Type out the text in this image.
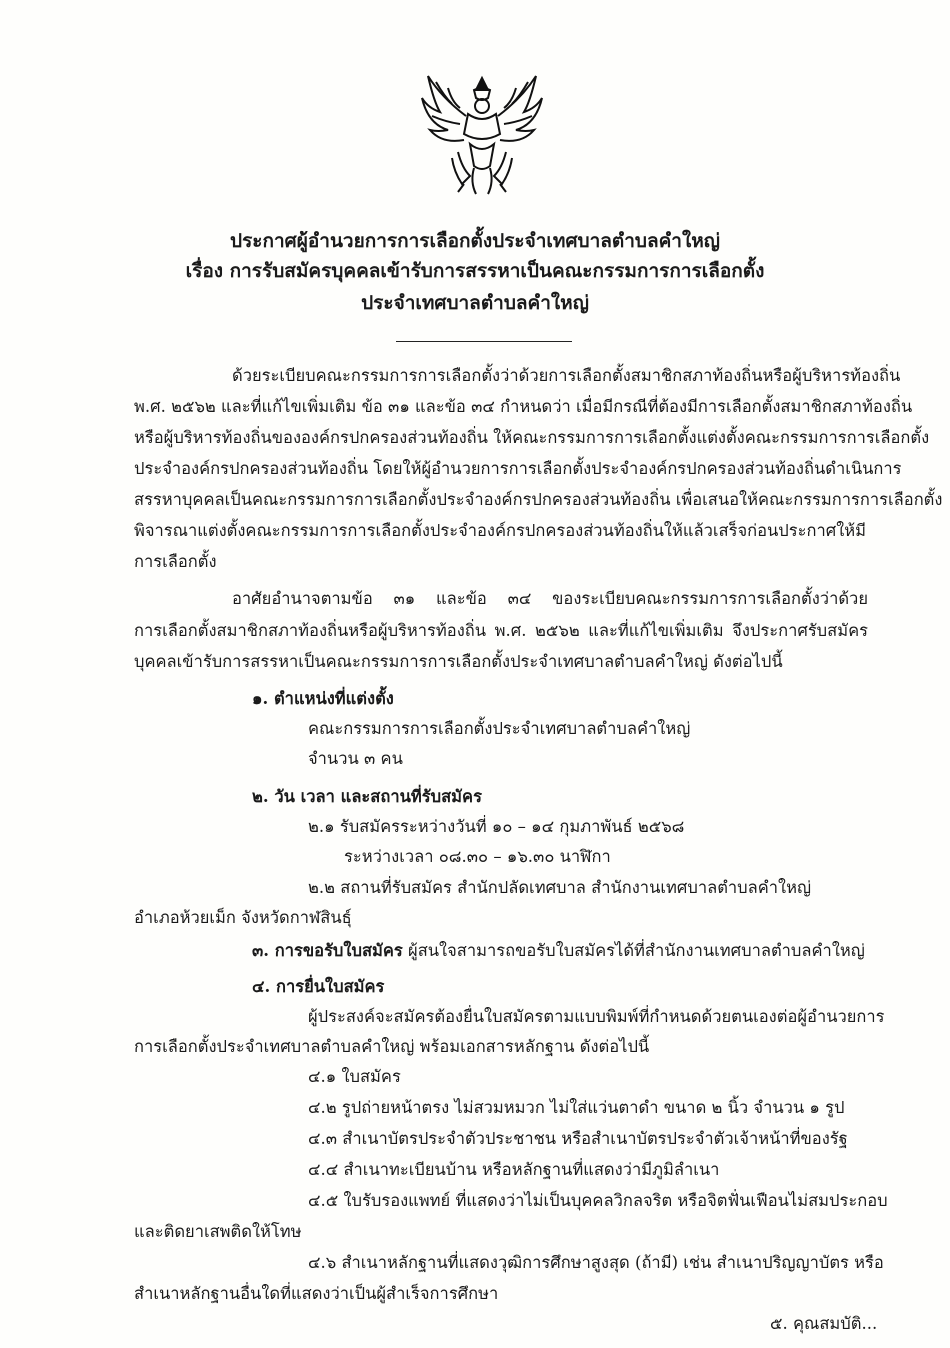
ประกาศผู้อำนวยการการเลือกตั้งประจำเทศบาลตำบลคำใหญ่
เรื่อง การรับสมัครบุคคลเข้ารับการสรรหาเป็นคณะกรรมการการเลือกตั้ง
ประจำเทศบาลตำบลคำใหญ่
ด้วยระเบียบคณะกรรมการการเลือกตั้งว่าด้วยการเลือกตั้งสมาชิกสภาท้องถิ่นหรือผู้บริหารท้องถิ่น
พ.ศ. ๒๕๖๒ และที่แก้ไขเพิ่มเติม ข้อ ๓๑ และข้อ ๓๔ กำหนดว่า เมื่อมีกรณีที่ต้องมีการเลือกตั้งสมาชิกสภาท้องถิ่น
หรือผู้บริหารท้องถิ่นขององค์กรปกครองส่วนท้องถิ่น ให้คณะกรรมการการเลือกตั้งแต่งตั้งคณะกรรมการการเลือกตั้ง
ประจำองค์กรปกครองส่วนท้องถิ่น โดยให้ผู้อำนวยการการเลือกตั้งประจำองค์กรปกครองส่วนท้องถิ่นดำเนินการ
สรรหาบุคคลเป็นคณะกรรมการการเลือกตั้งประจำองค์กรปกครองส่วนท้องถิ่น เพื่อเสนอให้คณะกรรมการการเลือกตั้ง
พิจารณาแต่งตั้งคณะกรรมการการเลือกตั้งประจำองค์กรปกครองส่วนท้องถิ่นให้แล้วเสร็จก่อนประกาศให้มี
การเลือกตั้ง
อาศัยอำนาจตามข้อ ๓๑ และข้อ ๓๔ ของระเบียบคณะกรรมการการเลือกตั้งว่าด้วย
การเลือกตั้งสมาชิกสภาท้องถิ่นหรือผู้บริหารท้องถิ่น พ.ศ. ๒๕๖๒ และที่แก้ไขเพิ่มเติม จึงประกาศรับสมัคร
บุคคลเข้ารับการสรรหาเป็นคณะกรรมการการเลือกตั้งประจำเทศบาลตำบลคำใหญ่ ดังต่อไปนี้
๑. ตำแหน่งที่แต่งตั้ง
คณะกรรมการการเลือกตั้งประจำเทศบาลตำบลคำใหญ่
จำนวน ๓ คน
๒. วัน เวลา และสถานที่รับสมัคร
๒.๑ รับสมัครระหว่างวันที่ ๑๐ – ๑๔ กุมภาพันธ์ ๒๕๖๘
ระหว่างเวลา ๐๘.๓๐ – ๑๖.๓๐ นาฬิกา
๒.๒ สถานที่รับสมัคร สำนักปลัดเทศบาล สำนักงานเทศบาลตำบลคำใหญ่
อำเภอห้วยเม็ก จังหวัดกาฬสินธุ์
๓. การขอรับใบสมัคร ผู้สนใจสามารถขอรับใบสมัครได้ที่สำนักงานเทศบาลตำบลคำใหญ่
๔. การยื่นใบสมัคร
ผู้ประสงค์จะสมัครต้องยื่นใบสมัครตามแบบพิมพ์ที่กำหนดด้วยตนเองต่อผู้อำนวยการ
การเลือกตั้งประจำเทศบาลตำบลคำใหญ่ พร้อมเอกสารหลักฐาน ดังต่อไปนี้
๔.๑ ใบสมัคร
๔.๒ รูปถ่ายหน้าตรง ไม่สวมหมวก ไม่ใส่แว่นตาดำ ขนาด ๒ นิ้ว จำนวน ๑ รูป
๔.๓ สำเนาบัตรประจำตัวประชาชน หรือสำเนาบัตรประจำตัวเจ้าหน้าที่ของรัฐ
๔.๔ สำเนาทะเบียนบ้าน หรือหลักฐานที่แสดงว่ามีภูมิลำเนา
๔.๕ ใบรับรองแพทย์ ที่แสดงว่าไม่เป็นบุคคลวิกลจริต หรือจิตฟั่นเฟือนไม่สมประกอบ
และติดยาเสพติดให้โทษ
๔.๖ สำเนาหลักฐานที่แสดงวุฒิการศึกษาสูงสุด (ถ้ามี) เช่น สำเนาปริญญาบัตร หรือ
สำเนาหลักฐานอื่นใดที่แสดงว่าเป็นผู้สำเร็จการศึกษา
๕. คุณสมบัติ...
